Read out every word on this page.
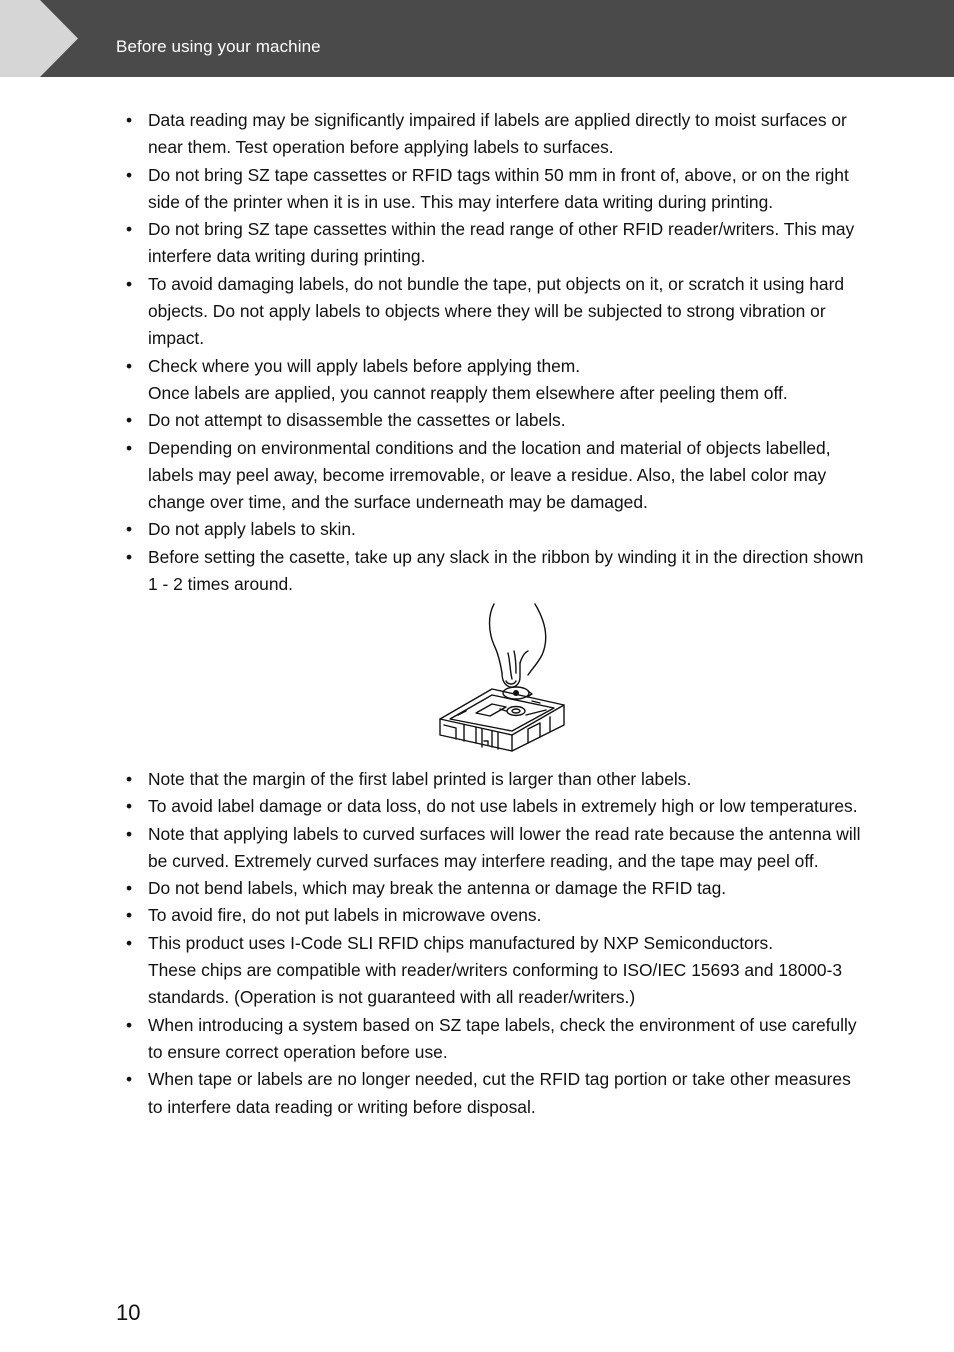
Before using your machine
• Data reading may be significantly impaired if labels are applied directly to moist surfaces or
near them. Test operation before applying labels to surfaces.
• Do not bring SZ tape cassettes or RFID tags within 50 mm in front of, above, or on the right
side of the printer when it is in use. This may interfere data writing during printing.
• Do not bring SZ tape cassettes within the read range of other RFID reader/writers. This may
interfere data writing during printing.
• To avoid damaging labels, do not bundle the tape, put objects on it, or scratch it using hard
objects. Do not apply labels to objects where they will be subjected to strong vibration or
impact.
• Check where you will apply labels before applying them.
Once labels are applied, you cannot reapply them elsewhere after peeling them off.
• Do not attempt to disassemble the cassettes or labels.
• Depending on environmental conditions and the location and material of objects labelled,
labels may peel away, become irremovable, or leave a residue. Also, the label color may
change over time, and the surface underneath may be damaged.
• Do not apply labels to skin.
• Before setting the casette, take up any slack in the ribbon by winding it in the direction shown
1 - 2 times around.
• Note that the margin of the first label printed is larger than other labels.
• To avoid label damage or data loss, do not use labels in extremely high or low temperatures.
• Note that applying labels to curved surfaces will lower the read rate because the antenna will
be curved. Extremely curved surfaces may interfere reading, and the tape may peel off.
• Do not bend labels, which may break the antenna or damage the RFID tag.
• To avoid fire, do not put labels in microwave ovens.
• This product uses I-Code SLI RFID chips manufactured by NXP Semiconductors.
These chips are compatible with reader/writers conforming to ISO/IEC 15693 and 18000-3
standards. (Operation is not guaranteed with all reader/writers.)
• When introducing a system based on SZ tape labels, check the environment of use carefully
to ensure correct operation before use.
• When tape or labels are no longer needed, cut the RFID tag portion or take other measures
to interfere data reading or writing before disposal.
10
